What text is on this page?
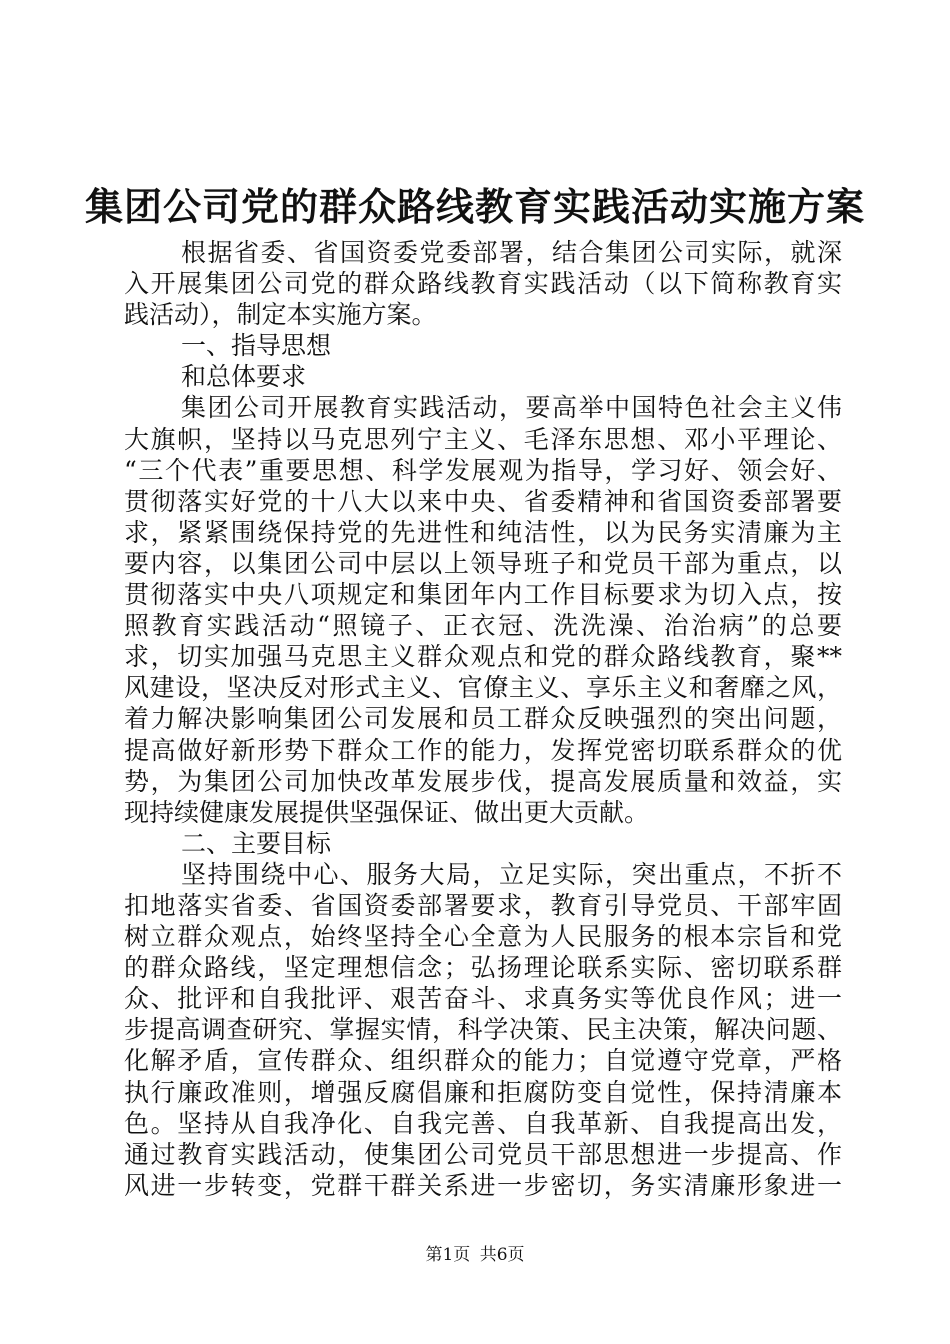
集团公司党的群众路线教育实践活动实施方案
根据省委、省国资委党委部署，结合集团公司实际，就深
入开展集团公司党的群众路线教育实践活动（以下简称教育实
践活动），制定本实施方案。
一、指导思想
和总体要求
集团公司开展教育实践活动，要高举中国特色社会主义伟
大旗帜，坚持以马克思列宁主义、毛泽东思想、邓小平理论、
“三个代表”重要思想、科学发展观为指导，学习好、领会好、
贯彻落实好党的十八大以来中央、省委精神和省国资委部署要
求，紧紧围绕保持党的先进性和纯洁性，以为民务实清廉为主
要内容，以集团公司中层以上领导班子和党员干部为重点，以
贯彻落实中央八项规定和集团年内工作目标要求为切入点，按
照教育实践活动“照镜子、正衣冠、洗洗澡、治治病”的总要
求，切实加强马克思主义群众观点和党的群众路线教育，聚**
风建设，坚决反对形式主义、官僚主义、享乐主义和奢靡之风，
着力解决影响集团公司发展和员工群众反映强烈的突出问题，
提高做好新形势下群众工作的能力，发挥党密切联系群众的优
势，为集团公司加快改革发展步伐，提高发展质量和效益，实
现持续健康发展提供坚强保证、做出更大贡献。
二、主要目标
坚持围绕中心、服务大局，立足实际，突出重点，不折不
扣地落实省委、省国资委部署要求，教育引导党员、干部牢固
树立群众观点，始终坚持全心全意为人民服务的根本宗旨和党
的群众路线，坚定理想信念；弘扬理论联系实际、密切联系群
众、批评和自我批评、艰苦奋斗、求真务实等优良作风；进一
步提高调查研究、掌握实情，科学决策、民主决策，解决问题、
化解矛盾，宣传群众、组织群众的能力；自觉遵守党章，严格
执行廉政准则，增强反腐倡廉和拒腐防变自觉性，保持清廉本
色。坚持从自我净化、自我完善、自我革新、自我提高出发，
通过教育实践活动，使集团公司党员干部思想进一步提高、作
风进一步转变，党群干群关系进一步密切，务实清廉形象进一
第1页 共6页
